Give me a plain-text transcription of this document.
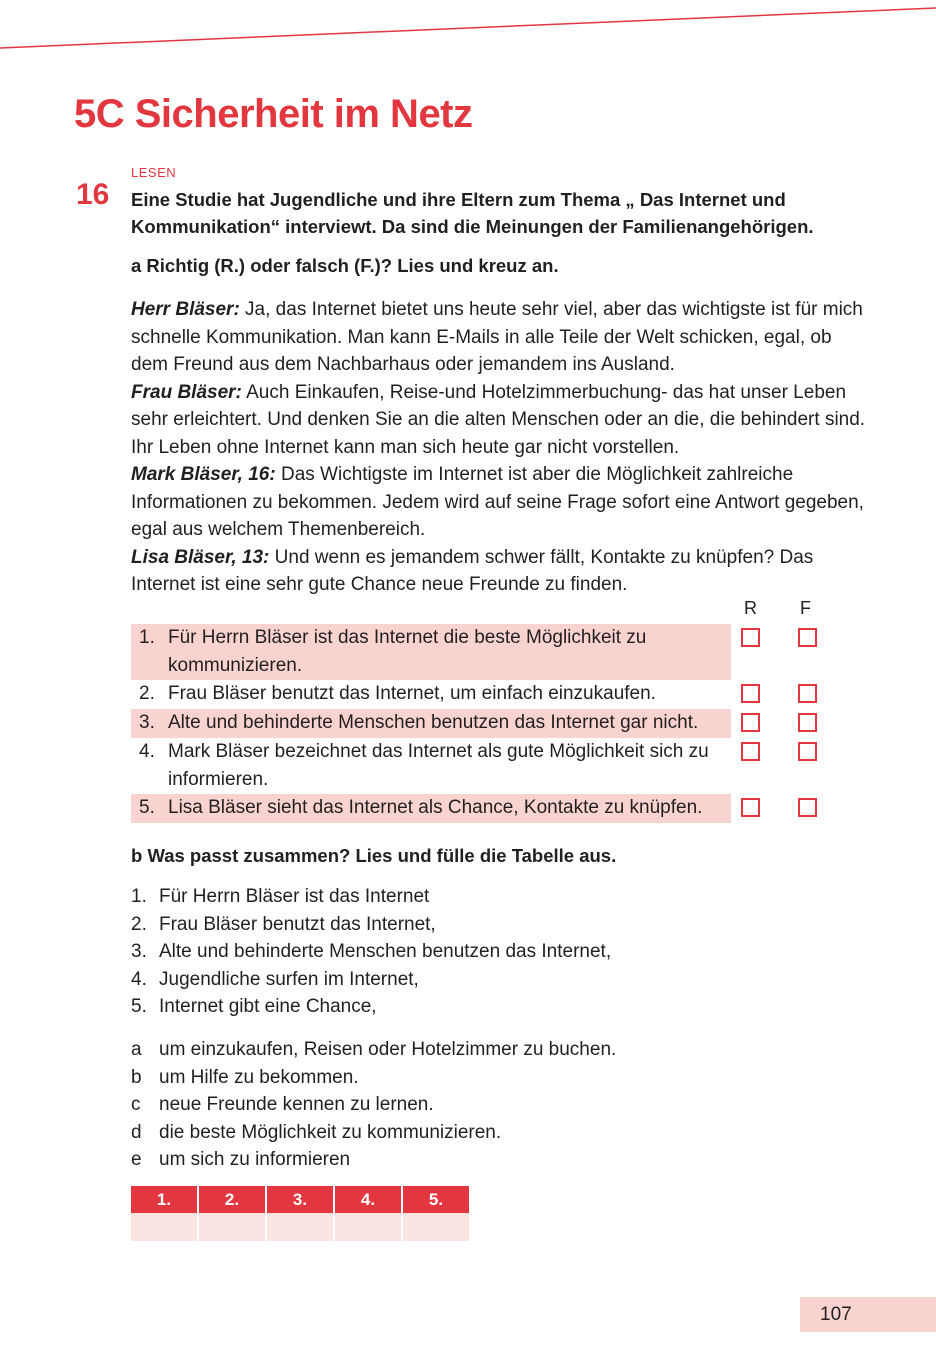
5C Sicherheit im Netz
16
LESEN

Eine Studie hat Jugendliche und ihre Eltern zum Thema „ Das Internet und Kommunikation“ interviewt. Da sind die Meinungen der Familienangehörigen.

a Richtig (R.) oder falsch (F.)? Lies und kreuz an.

Herr Bläser: Ja, das Internet bietet uns heute sehr viel, aber das wichtigste ist für mich schnelle Kommunikation. Man kann E-Mails in alle Teile der Welt schicken, egal, ob dem Freund aus dem Nachbarhaus oder jemandem ins Ausland.
Frau Bläser: Auch Einkaufen, Reise-und Hotelzimmerbuchung- das hat unser Leben sehr erleichtert. Und denken Sie an die alten Menschen oder an die, die behindert sind. Ihr Leben ohne Internet kann man sich heute gar nicht vorstellen.
Mark Bläser, 16: Das Wichtigste im Internet ist aber die Möglichkeit zahlreiche Informationen zu bekommen. Jedem wird auf seine Frage sofort eine Antwort gegeben, egal aus welchem Themenbereich.
Lisa Bläser, 13: Und wenn es jemandem schwer fällt, Kontakte zu knüpfen? Das Internet ist eine sehr gute Chance neue Freunde zu finden.

R F
1. Für Herrn Bläser ist das Internet die beste Möglichkeit zu kommunizieren.
2. Frau Bläser benutzt das Internet, um einfach einzukaufen.
3. Alte und behinderte Menschen benutzen das Internet gar nicht.
4. Mark Bläser bezeichnet das Internet als gute Möglichkeit sich zu informieren.
5. Lisa Bläser sieht das Internet als Chance, Kontakte zu knüpfen.

b Was passt zusammen? Lies und fülle die Tabelle aus.

1. Für Herrn Bläser ist das Internet
2. Frau Bläser benutzt das Internet,
3. Alte und behinderte Menschen benutzen das Internet,
4. Jugendliche surfen im Internet,
5. Internet gibt eine Chance,
a um einzukaufen, Reisen oder Hotelzimmer zu buchen.
b um Hilfe zu bekommen.
c neue Freunde kennen zu lernen.
d die beste Möglichkeit zu kommunizieren.
e um sich zu informieren
1.	2.	3.	4.	5.

107
